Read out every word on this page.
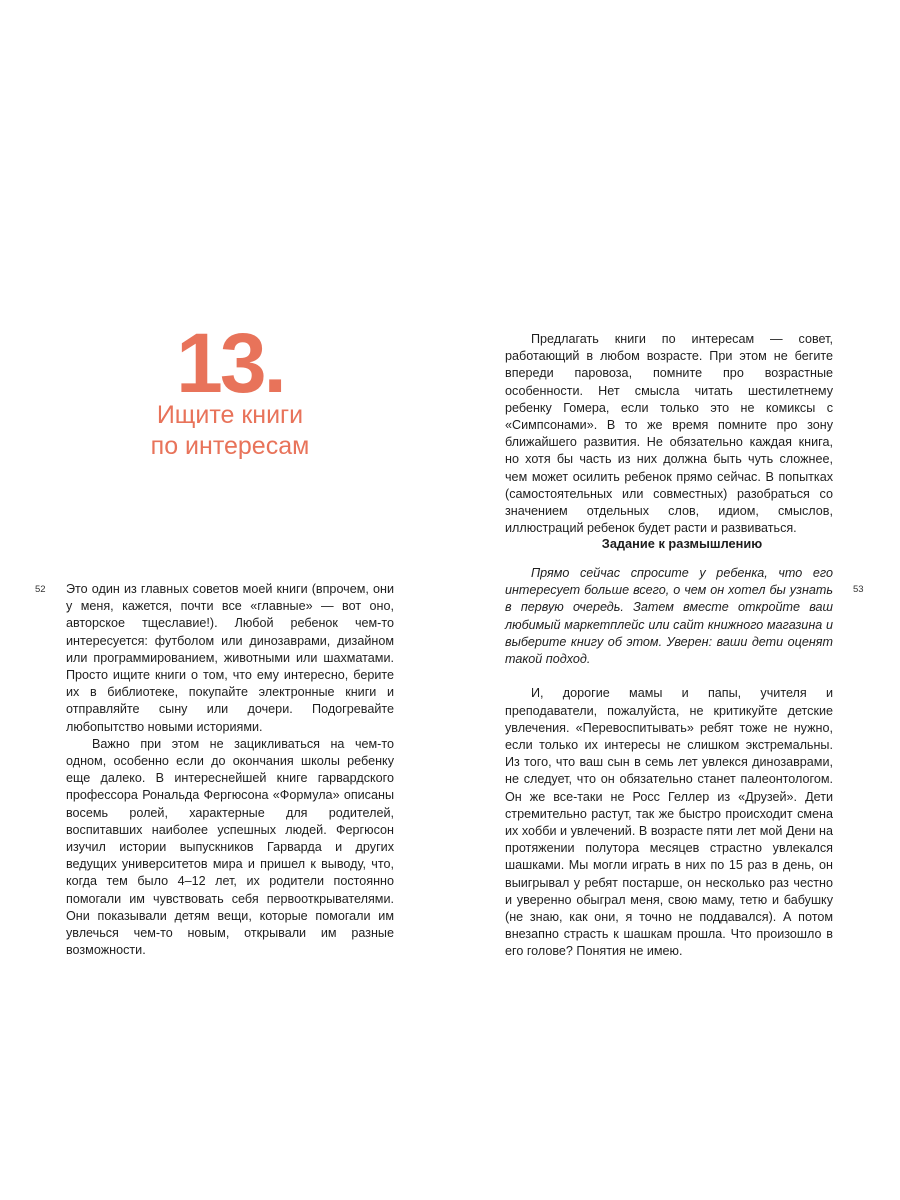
13.
Ищите книги
по интересам
52	53

Это один из главных советов моей книги (впрочем, они у меня, кажется, почти все «главные» — вот оно, авторское тщеславие!). Любой ребенок чем-то интересуется: футболом или динозаврами, дизайном или программированием, животными или шахматами. Просто ищите книги о том, что ему интересно, берите их в библиотеке, покупайте электронные книги и отправляйте сыну или дочери. Подогревайте любопытство новыми историями.

Важно при этом не зацикливаться на чем-то одном, особенно если до окончания школы ребенку еще далеко. В интереснейшей книге гарвардского профессора Рональда Фергюсона «Формула» описаны восемь ролей, характерные для родителей, воспитавших наиболее успешных людей. Фергюсон изучил истории выпускников Гарварда и других ведущих университетов мира и пришел к выводу, что, когда тем было 4–12 лет, их родители постоянно помогали им чувствовать себя первооткрывателями. Они показывали детям вещи, которые помогали им увлечься чем-то новым, открывали им разные возможности.

Предлагать книги по интересам — совет, работающий в любом возрасте. При этом не бегите впереди паровоза, помните про возрастные особенности. Нет смысла читать шестилетнему ребенку Гомера, если только это не комиксы с «Симпсонами». В то же время помните про зону ближайшего развития. Не обязательно каждая книга, но хотя бы часть из них должна быть чуть сложнее, чем может осилить ребенок прямо сейчас. В попытках (самостоятельных или совместных) разобраться со значением отдельных слов, идиом, смыслов, иллюстраций ребенок будет расти и развиваться.

Задание к размышлению

Прямо сейчас спросите у ребенка, что его интересует больше всего, о чем он хотел бы узнать в первую очередь. Затем вместе откройте ваш любимый маркетплейс или сайт книжного магазина и выберите книгу об этом. Уверен: ваши дети оценят такой подход.

И, дорогие мамы и папы, учителя и преподаватели, пожалуйста, не критикуйте детские увлечения. «Перевоспитывать» ребят тоже не нужно, если только их интересы не слишком экстремальны. Из того, что ваш сын в семь лет увлекся динозаврами, не следует, что он обязательно станет палеонтологом. Он же все-таки не Росс Геллер из «Друзей». Дети стремительно растут, так же быстро происходит смена их хобби и увлечений. В возрасте пяти лет мой Дени на протяжении полутора месяцев страстно увлекался шашками. Мы могли играть в них по 15 раз в день, он выигрывал у ребят постарше, он несколько раз честно и уверенно обыграл меня, свою маму, тетю и бабушку (не знаю, как они, я точно не поддавался). А потом внезапно страсть к шашкам прошла. Что произошло в его голове? Понятия не имею.
